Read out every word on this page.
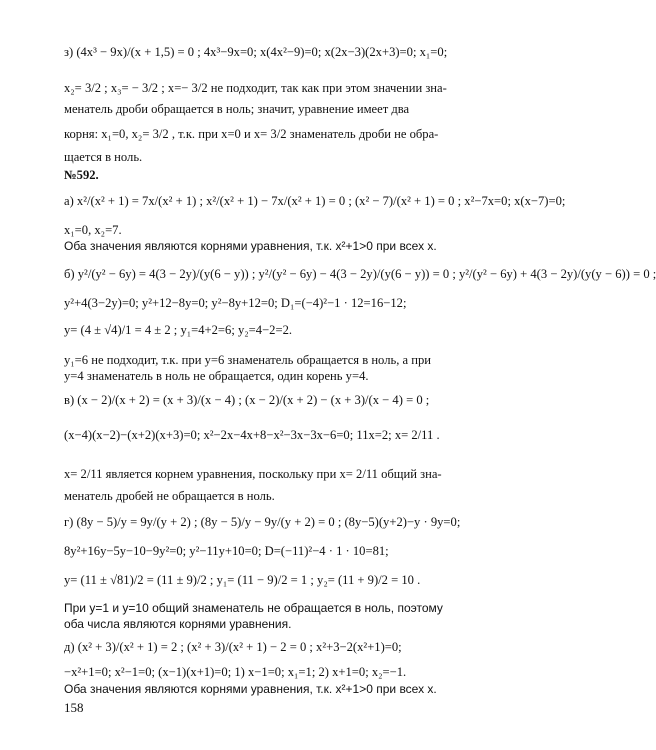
з) (4x³ − 9x)/(x + 1,5) = 0 ; 4x³−9x=0; x(4x²−9)=0; x(2x−3)(2x+3)=0; x₁=0;
x₂= 3/2 ; x₃= − 3/2 ; x=− 3/2 не подходит, так как при этом значении зна-
менатель дроби обращается в ноль; значит, уравнение имеет два
корня: x₁=0, x₂= 3/2 , т.к. при x=0 и x= 3/2 знаменатель дроби не обра-
щается в ноль.
№592.
а) x²/(x² + 1) = 7x/(x² + 1) ; x²/(x² + 1) − 7x/(x² + 1) = 0 ; (x² − 7)/(x² + 1) = 0 ; x²−7x=0; x(x−7)=0;
x₁=0, x₂=7.
Оба значения являются корнями уравнения, т.к. x²+1>0 при всех x.
б) y²/(y² − 6y) = 4(3 − 2y)/(y(6 − y)) ; y²/(y² − 6y) − 4(3 − 2y)/(y(6 − y)) = 0 ; y²/(y² − 6y) + 4(3 − 2y)/(y(y − 6)) = 0 ;
y²+4(3−2y)=0; y²+12−8y=0; y²−8y+12=0; D₁=(−4)²−1 · 12=16−12;
y= (4 ± √4)/1 = 4 ± 2 ; y₁=4+2=6; y₂=4−2=2.
y₁=6 не подходит, т.к. при y=6 знаменатель обращается в ноль, а при
y=4 знаменатель в ноль не обращается, один корень y=4.
в) (x − 2)/(x + 2) = (x + 3)/(x − 4) ; (x − 2)/(x + 2) − (x + 3)/(x − 4) = 0 ;
(x−4)(x−2)−(x+2)(x+3)=0; x²−2x−4x+8−x²−3x−3x−6=0; 11x=2; x= 2/11 .
x= 2/11 является корнем уравнения, поскольку при x= 2/11 общий зна-
менатель дробей не обращается в ноль.
г) (8y − 5)/y = 9y/(y + 2) ; (8y − 5)/y − 9y/(y + 2) = 0 ; (8y−5)(y+2)−y · 9y=0;
8y²+16y−5y−10−9y²=0; y²−11y+10=0; D=(−11)²−4 · 1 · 10=81;
y= (11 ± √81)/2 = (11 ± 9)/2 ; y₁= (11 − 9)/2 = 1 ; y₂= (11 + 9)/2 = 10 .
При y=1 и y=10 общий знаменатель не обращается в ноль, поэтому
оба числа являются корнями уравнения.
д) (x² + 3)/(x² + 1) = 2 ; (x² + 3)/(x² + 1) − 2 = 0 ; x²+3−2(x²+1)=0;
−x²+1=0; x²−1=0; (x−1)(x+1)=0; 1) x−1=0; x₁=1; 2) x+1=0; x₂=−1.
Оба значения являются корнями уравнения, т.к. x²+1>0 при всех x.
158
